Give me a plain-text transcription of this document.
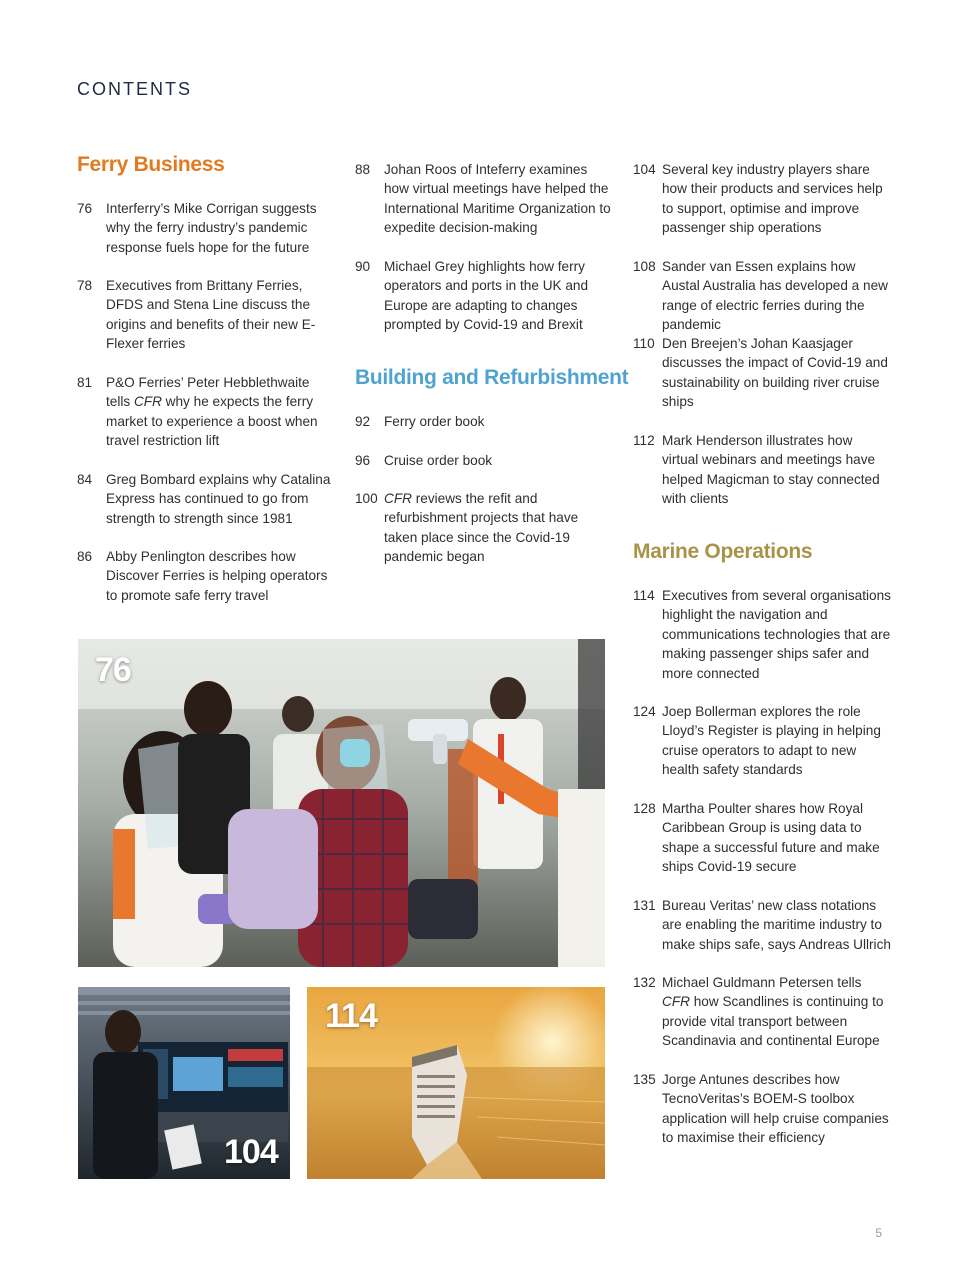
CONTENTS
Ferry Business
76 Interferry’s Mike Corrigan suggests why the ferry industry’s pandemic response fuels hope for the future
78 Executives from Brittany Ferries, DFDS and Stena Line discuss the origins and benefits of their new E-Flexer ferries
81 P&O Ferries’ Peter Hebblethwaite tells CFR why he expects the ferry market to experience a boost when travel restriction lift
84 Greg Bombard explains why Catalina Express has continued to go from strength to strength since 1981
86 Abby Penlington describes how Discover Ferries is helping operators to promote safe ferry travel
88 Johan Roos of Inteferry examines how virtual meetings have helped the International Maritime Organization to expedite decision-making
90 Michael Grey highlights how ferry operators and ports in the UK and Europe are adapting to changes prompted by Covid-19 and Brexit
Building and Refurbishment
92 Ferry order book
96 Cruise order book
100 CFR reviews the refit and refurbishment projects that have taken place since the Covid-19 pandemic began
104 Several key industry players share how their products and services help to support, optimise and improve passenger ship operations
108 Sander van Essen explains how Austal Australia has developed a new range of electric ferries during the pandemic
110 Den Breejen’s Johan Kaasjager discusses the impact of Covid-19 and sustainability on building river cruise ships
112 Mark Henderson illustrates how virtual webinars and meetings have helped Magicman to stay connected with clients
Marine Operations
114 Executives from several organisations highlight the navigation and communications technologies that are making passenger ships safer and more connected
124 Joep Bollerman explores the role Lloyd’s Register is playing in helping cruise operators to adapt to new health safety standards
128 Martha Poulter shares how Royal Caribbean Group is using data to shape a successful future and make ships Covid-19 secure
131 Bureau Veritas’ new class notations are enabling the maritime industry to make ships safe, says Andreas Ullrich
132 Michael Guldmann Petersen tells CFR how Scandlines is continuing to provide vital transport between Scandinavia and continental Europe
135 Jorge Antunes describes how TecnoVeritas’s BOEM-S toolbox application will help cruise companies to maximise their efficiency
76
104
114
5
